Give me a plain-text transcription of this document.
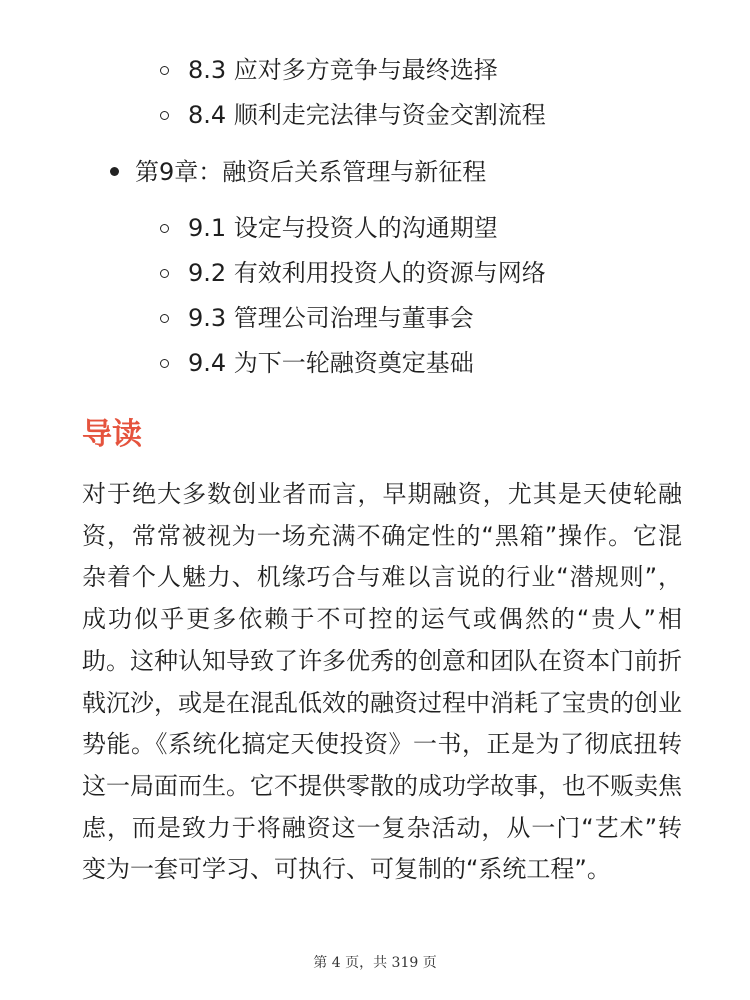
8.3 应对多方竞争与最终选择
8.4 顺利走完法律与资金交割流程
第9章：融资后关系管理与新征程
9.1 设定与投资人的沟通期望
9.2 有效利用投资人的资源与网络
9.3 管理公司治理与董事会
9.4 为下一轮融资奠定基础
导读

对于绝大多数创业者而言，早期融资，尤其是天使轮融资，常常被视为一场充满不确定性的“黑箱”操作。它混杂着个人魅力、机缘巧合与难以言说的行业“潜规则”，成功似乎更多依赖于不可控的运气或偶然的“贵人”相助。这种认知导致了许多优秀的创意和团队在资本门前折戟沉沙，或是在混乱低效的融资过程中消耗了宝贵的创业势能。《系统化搞定天使投资》一书，正是为了彻底扭转这一局面而生。它不提供零散的成功学故事，也不贩卖焦虑，而是致力于将融资这一复杂活动，从一门“艺术”转变为一套可学习、可执行、可复制的“系统工程”。

第 4 页，共 319 页
